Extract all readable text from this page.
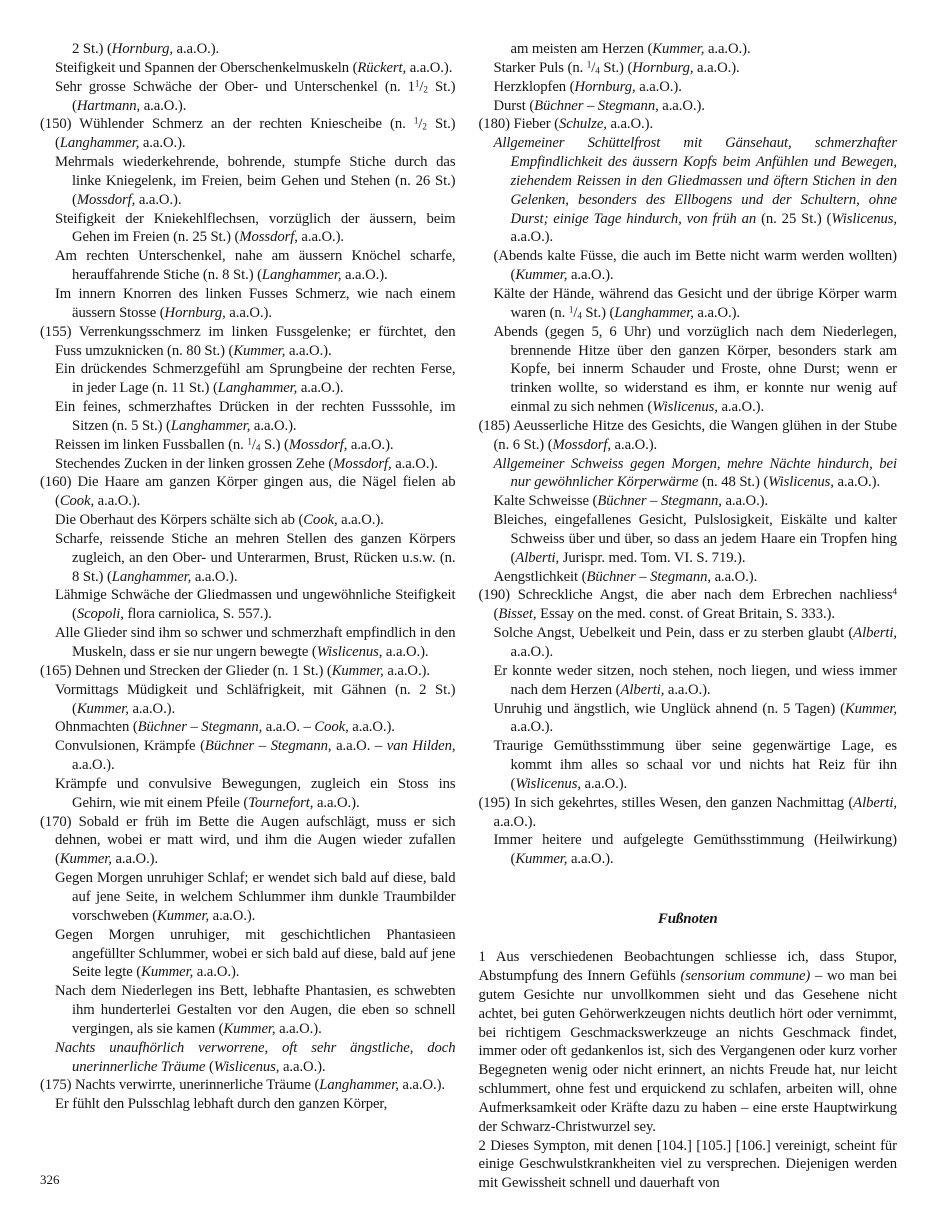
2 St.) (Hornburg, a.a.O.).

Steifigkeit und Spannen der Oberschenkelmuskeln (Rückert, a.a.O.).

Sehr grosse Schwäche der Ober- und Unterschenkel (n. $1^1/2$ St.) (Hartmann, a.a.O.).

(150) Wühlender Schmerz an der rechten Kniescheibe (n. $^1$/2 St.) (Langhammer, a.a.O.).

Mehrmals wiederkehrende, bohrende, stumpfe Stiche durch das linke Kniegelenk, im Freien, beim Gehen und Stehen (n. 26 St.) (Mossdorf, a.a.O.).

Steifigkeit der Kniekehlflechsen, vorzüglich der äussern, beim Gehen im Freien (n. 25 St.) (Mossdorf, a.a.O.).

Am rechten Unterschenkel, nahe am äussern Knöchel scharfe, herauffahrende Stiche (n. 8 St.) (Langhammer, a.a.O.).

Im innern Knorren des linken Fusses Schmerz, wie nach einem äussern Stosse (Hornburg, a.a.O.).

(155) Verrenkungsschmerz im linken Fussgelenke; er fürchtet, den Fuss umzuknicken (n. 80 St.) (Kummer, a.a.O.).

Ein drückendes Schmerzgefühl am Sprungbeine der rechten Ferse, in jeder Lage (n. 11 St.) (Langhammer, a.a.O.).

Ein feines, schmerzhaftes Drücken in der rechten Fusssohle, im Sitzen (n. 5 St.) (Langhammer, a.a.O.).

Reissen im linken Fussballen (n. $^1$/4 S.) (Mossdorf, a.a.O.).

Stechendes Zucken in der linken grossen Zehe (Mossdorf, a.a.O.).

(160) Die Haare am ganzen Körper gingen aus, die Nägel fielen ab (Cook, a.a.O.).

Die Oberhaut des Körpers schälte sich ab (Cook, a.a.O.).

Scharfe, reissende Stiche an mehren Stellen des ganzen Körpers zugleich, an den Ober- und Unterarmen, Brust, Rücken u.s.w. (n. 8 St.) (Langhammer, a.a.O.).

Lähmige Schwäche der Gliedmassen und ungewöhnliche Steifigkeit (Scopoli, flora carniolica, S. 557.).

Alle Glieder sind ihm so schwer und schmerzhaft empfindlich in den Muskeln, dass er sie nur ungern bewegte (Wislicenus, a.a.O.).

(165) Dehnen und Strecken der Glieder (n. 1 St.) (Kummer, a.a.O.).

Vormittags Müdigkeit und Schläfrigkeit, mit Gähnen (n. 2 St.) (Kummer, a.a.O.).

Ohnmachten (Büchner – Stegmann, a.a.O. – Cook, a.a.O.).

Convulsionen, Krämpfe (Büchner – Stegmann, a.a.O. – van Hilden, a.a.O.).

Krämpfe und convulsive Bewegungen, zugleich ein Stoss ins Gehirn, wie mit einem Pfeile (Tournefort, a.a.O.).

(170) Sobald er früh im Bette die Augen aufschlägt, muss er sich dehnen, wobei er matt wird, und ihm die Augen wieder zufallen (Kummer, a.a.O.).

Gegen Morgen unruhiger Schlaf; er wendet sich bald auf diese, bald auf jene Seite, in welchem Schlummer ihm dunkle Traumbilder vorschweben (Kummer, a.a.O.).

Gegen Morgen unruhiger, mit geschichtlichen Phantasieen angefüllter Schlummer, wobei er sich bald auf diese, bald auf jene Seite legte (Kummer, a.a.O.).

Nach dem Niederlegen ins Bett, lebhafte Phantasien, es schwebten ihm hunderterlei Gestalten vor den Augen, die eben so schnell vergingen, als sie kamen (Kummer, a.a.O.).

Nachts unaufhörlich verworrene, oft sehr ängstliche, doch unerinnerliche Träume (Wislicenus, a.a.O.).

(175) Nachts verwirrte, unerinnerliche Träume (Langhammer, a.a.O.).

Er fühlt den Pulsschlag lebhaft durch den ganzen Körper,

am meisten am Herzen (Kummer, a.a.O.).

Starker Puls (n. $^1$/4 St.) (Hornburg, a.a.O.).

Herzklopfen (Hornburg, a.a.O.).

Durst (Büchner – Stegmann, a.a.O.).

(180) Fieber (Schulze, a.a.O.).

Allgemeiner Schüttelfrost mit Gänsehaut, schmerzhafter Empfindlichkeit des äussern Kopfs beim Anfühlen und Bewegen, ziehendem Reissen in den Gliedmassen und öftern Stichen in den Gelenken, besonders des Ellbogens und der Schultern, ohne Durst; einige Tage hindurch, von früh an (n. 25 St.) (Wislicenus, a.a.O.).

(Abends kalte Füsse, die auch im Bette nicht warm werden wollten) (Kummer, a.a.O.).

Kälte der Hände, während das Gesicht und der übrige Körper warm waren (n. $^1$/4 St.) (Langhammer, a.a.O.).

Abends (gegen 5, 6 Uhr) und vorzüglich nach dem Niederlegen, brennende Hitze über den ganzen Körper, besonders stark am Kopfe, bei innerm Schauder und Froste, ohne Durst; wenn er trinken wollte, so widerstand es ihm, er konnte nur wenig auf einmal zu sich nehmen (Wislicenus, a.a.O.).

(185) Aeusserliche Hitze des Gesichts, die Wangen glühen in der Stube (n. 6 St.) (Mossdorf, a.a.O.).

Allgemeiner Schweiss gegen Morgen, mehre Nächte hindurch, bei nur gewöhnlicher Körperwärme (n. 48 St.) (Wislicenus, a.a.O.).

Kalte Schweisse (Büchner – Stegmann, a.a.O.).

Bleiches, eingefallenes Gesicht, Pulslosigkeit, Eiskälte und kalter Schweiss über und über, so dass an jedem Haare ein Tropfen hing (Alberti, Jurispr. med. Tom. VI. S. 719.).

Aengstlichkeit (Büchner – Stegmann, a.a.O.).

(190) Schreckliche Angst, die aber nach dem Erbrechen nachliess$^4$ (Bisset, Essay on the med. const. of Great Britain, S. 333.).

Solche Angst, Uebelkeit und Pein, dass er zu sterben glaubt (Alberti, a.a.O.).

Er konnte weder sitzen, noch stehen, noch liegen, und wiess immer nach dem Herzen (Alberti, a.a.O.).

Unruhig und ängstlich, wie Unglück ahnend (n. 5 Tagen) (Kummer, a.a.O.).

Traurige Gemüthsstimmung über seine gegenwärtige Lage, es kommt ihm alles so schaal vor und nichts hat Reiz für ihn (Wislicenus, a.a.O.).

(195) In sich gekehrtes, stilles Wesen, den ganzen Nachmittag (Alberti, a.a.O.).

Immer heitere und aufgelegte Gemüthsstimmung (Heilwirkung) (Kummer, a.a.O.).

Fußnoten

1 Aus verschiedenen Beobachtungen schliesse ich, dass Stupor, Abstumpfung des Innern Gefühls (sensorium commune) – wo man bei gutem Gesichte nur unvollkommen sieht und das Gesehene nicht achtet, bei guten Gehörwerkzeugen nichts deutlich hört oder vernimmt, bei richtigem Geschmackswerkzeuge an nichts Geschmack findet, immer oder oft gedankenlos ist, sich des Vergangenen oder kurz vorher Begegneten wenig oder nicht erinnert, an nichts Freude hat, nur leicht schlummert, ohne fest und erquickend zu schlafen, arbeiten will, ohne Aufmerksamkeit oder Kräfte dazu zu haben – eine erste Hauptwirkung der Schwarz-Christwurzel sey.

2 Dieses Sympton, mit denen [104.] [105.] [106.] vereinigt, scheint für einige Geschwulstkrankheiten viel zu versprechen. Diejenigen werden mit Gewissheit schnell und dauerhaft von

326
